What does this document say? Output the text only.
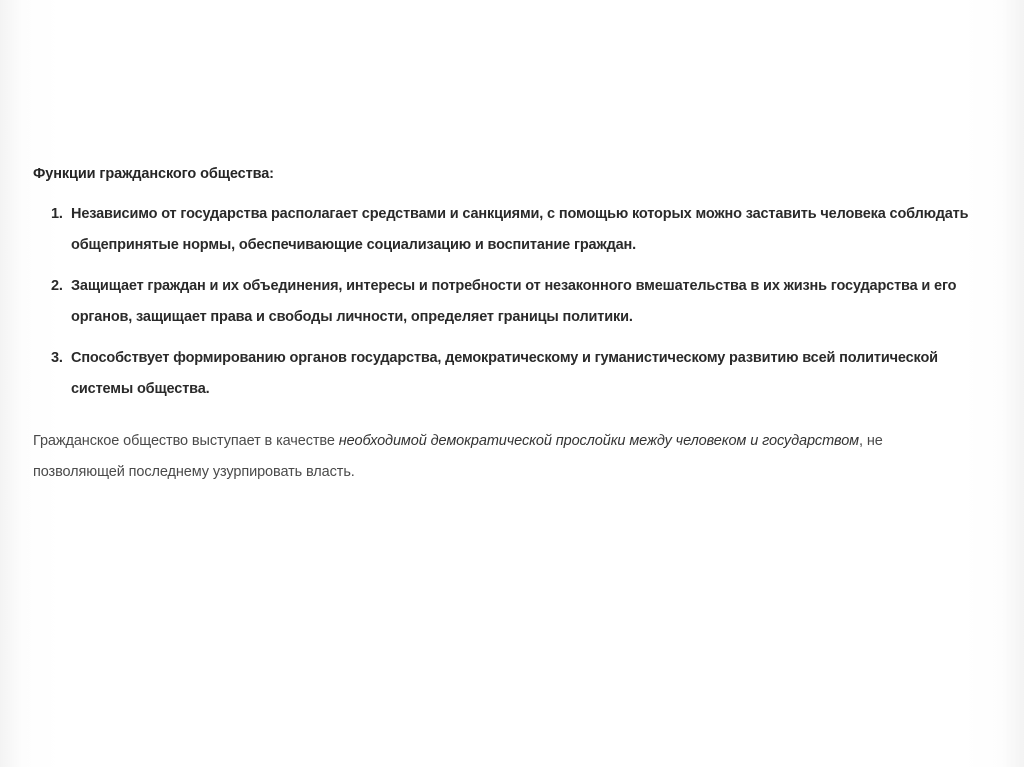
Функции гражданского общества:
1. Независимо от государства располагает средствами и санкциями, с помощью которых можно заставить человека соблюдать общепринятые нормы, обеспечивающие социализацию и воспитание граждан.
2. Защищает граждан и их объединения, интересы и потребности от незаконного вмешательства в их жизнь государства и его органов, защищает права и свободы личности, определяет границы политики.
3. Способствует формированию органов государства, демократическому и гуманистическому развитию всей политической системы общества.

Гражданское общество выступает в качестве необходимой демократической прослойки между человеком и государством, не позволяющей последнему узурпировать власть.
